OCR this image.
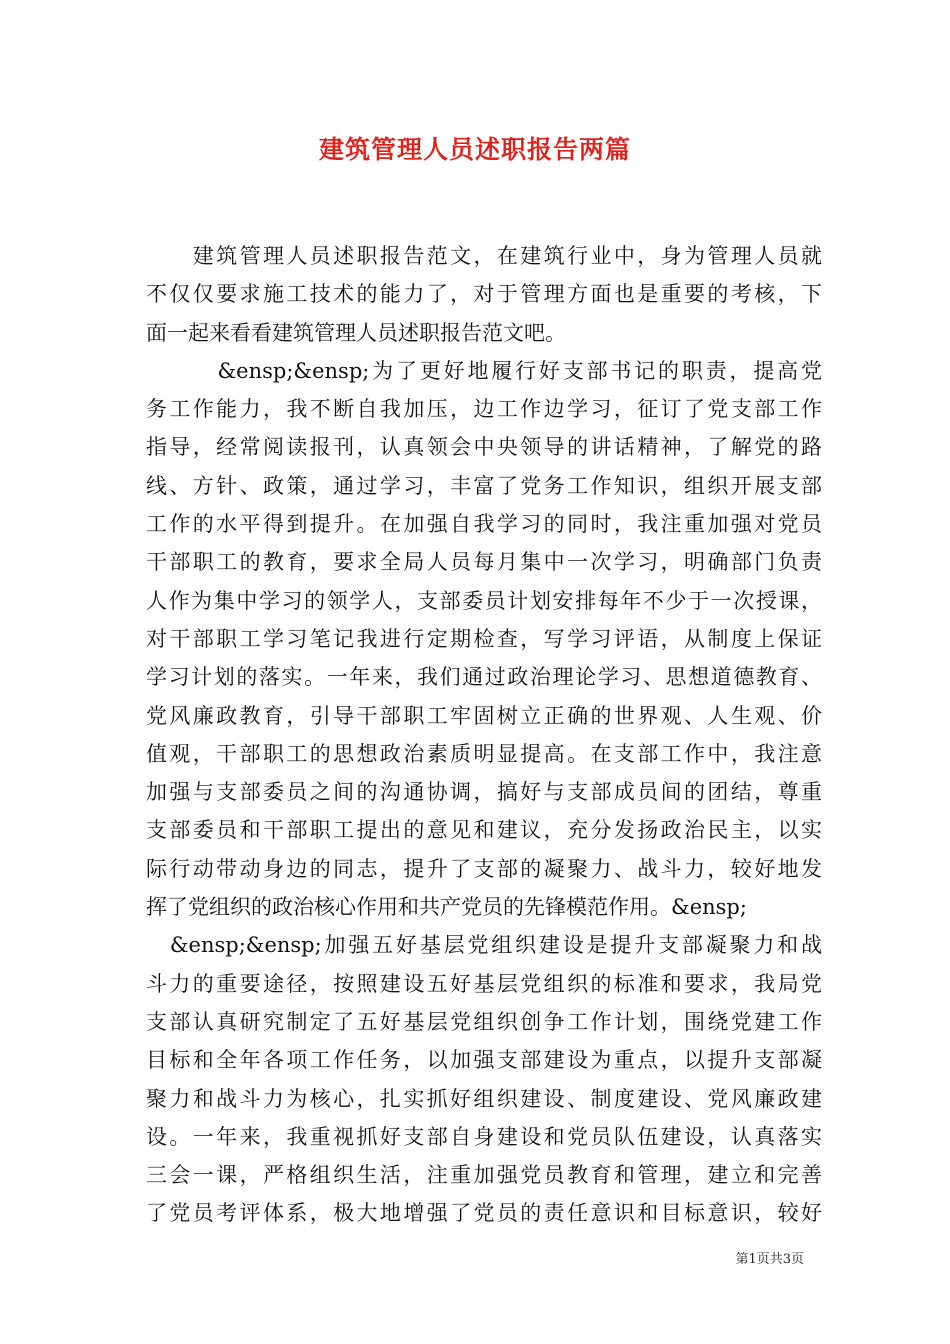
建筑管理人员述职报告两篇
　　建筑管理人员述职报告范文，在建筑行业中，身为管理人员就
不仅仅要求施工技术的能力了，对于管理方面也是重要的考核，下
面一起来看看建筑管理人员述职报告范文吧。
　　　&ensp;&ensp;为了更好地履行好支部书记的职责，提高党
务工作能力，我不断自我加压，边工作边学习，征订了党支部工作
指导，经常阅读报刊，认真领会中央领导的讲话精神，了解党的路
线、方针、政策，通过学习，丰富了党务工作知识，组织开展支部
工作的水平得到提升。在加强自我学习的同时，我注重加强对党员
干部职工的教育，要求全局人员每月集中一次学习，明确部门负责
人作为集中学习的领学人，支部委员计划安排每年不少于一次授课，
对干部职工学习笔记我进行定期检查，写学习评语，从制度上保证
学习计划的落实。一年来，我们通过政治理论学习、思想道德教育、
党风廉政教育，引导干部职工牢固树立正确的世界观、人生观、价
值观，干部职工的思想政治素质明显提高。在支部工作中，我注意
加强与支部委员之间的沟通协调，搞好与支部成员间的团结，尊重
支部委员和干部职工提出的意见和建议，充分发扬政治民主，以实
际行动带动身边的同志，提升了支部的凝聚力、战斗力，较好地发
挥了党组织的政治核心作用和共产党员的先锋模范作用。&ensp;
　&ensp;&ensp;加强五好基层党组织建设是提升支部凝聚力和战
斗力的重要途径，按照建设五好基层党组织的标准和要求，我局党
支部认真研究制定了五好基层党组织创争工作计划，围绕党建工作
目标和全年各项工作任务，以加强支部建设为重点，以提升支部凝
聚力和战斗力为核心，扎实抓好组织建设、制度建设、党风廉政建
设。一年来，我重视抓好支部自身建设和党员队伍建设，认真落实
三会一课，严格组织生活，注重加强党员教育和管理，建立和完善
了党员考评体系，极大地增强了党员的责任意识和目标意识，较好
第1页共3页
